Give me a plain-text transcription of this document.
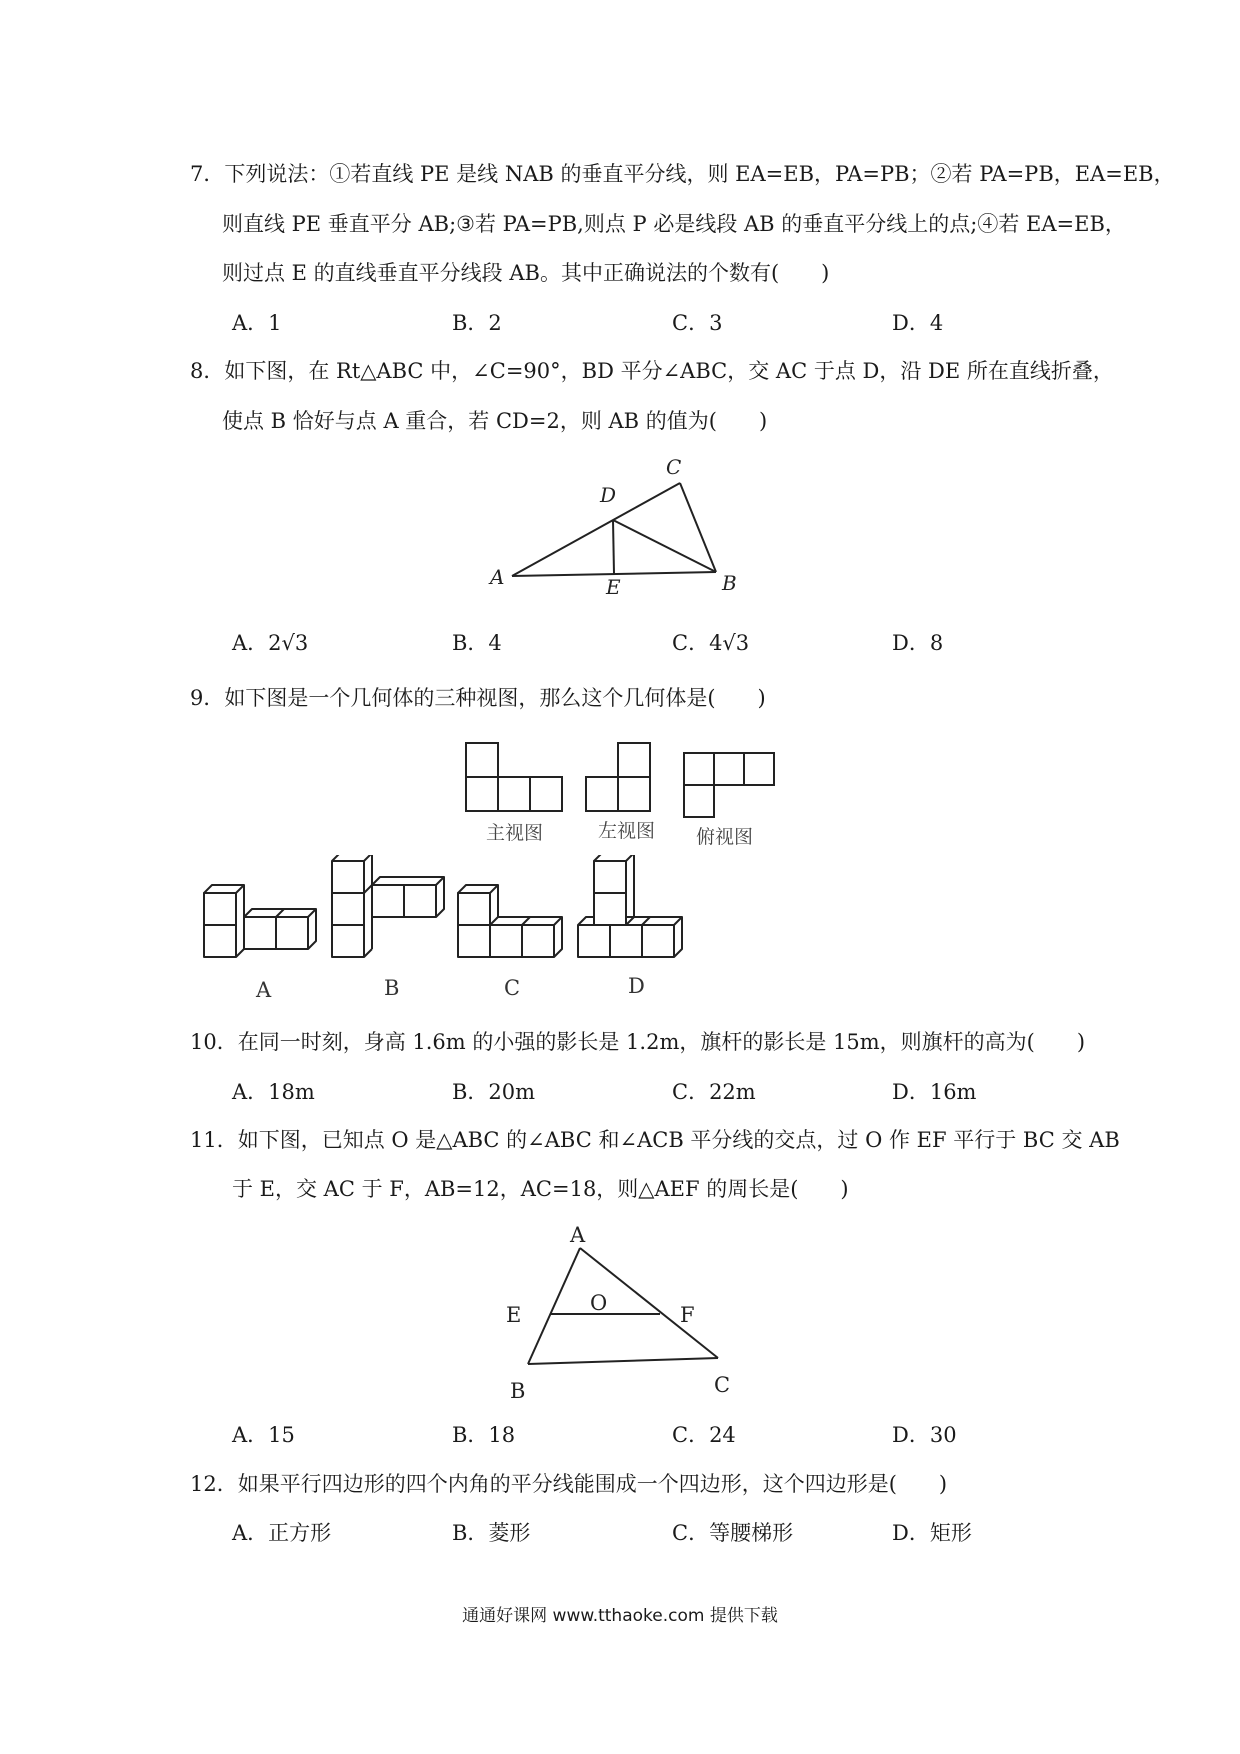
7．下列说法：①若直线 PE 是线 NAB 的垂直平分线，则 EA=EB，PA=PB；②若 PA=PB，EA=EB，
则直线 PE 垂直平分 AB;③若 PA=PB,则点 P 必是线段 AB 的垂直平分线上的点;④若 EA=EB，
则过点 E 的直线垂直平分线段 AB。其中正确说法的个数有(　　)
A．1	B．2	C．3	D．4
8．如下图，在 Rt△ABC 中，∠C=90°，BD 平分∠ABC，交 AC 于点 D，沿 DE 所在直线折叠，
使点 B 恰好与点 A 重合，若 CD=2，则 AB 的值为(　　)
A	B
C
D
E
A．2√3	B．4	C．4√3	D．8
9．如下图是一个几何体的三种视图，那么这个几何体是(　　)
主视图	左视图 俯视图
A	B	C	D
10．在同一时刻，身高 1.6m 的小强的影长是 1.2m，旗杆的影长是 15m，则旗杆的高为(　　)
A．18m	B．20m	C．22m	D．16m
11．如下图，已知点 O 是△ABC 的∠ABC 和∠ACB 平分线的交点，过 O 作 EF 平行于 BC 交 AB
于 E，交 AC 于 F，AB=12，AC=18，则△AEF 的周长是(　　)
A
E	O	F
B	C
A．15	B．18	C．24	D．30
12．如果平行四边形的四个内角的平分线能围成一个四边形，这个四边形是(　　)
A．正方形	B．菱形	C．等腰梯形	D．矩形
通通好课网 www.tthaoke.com 提供下载
